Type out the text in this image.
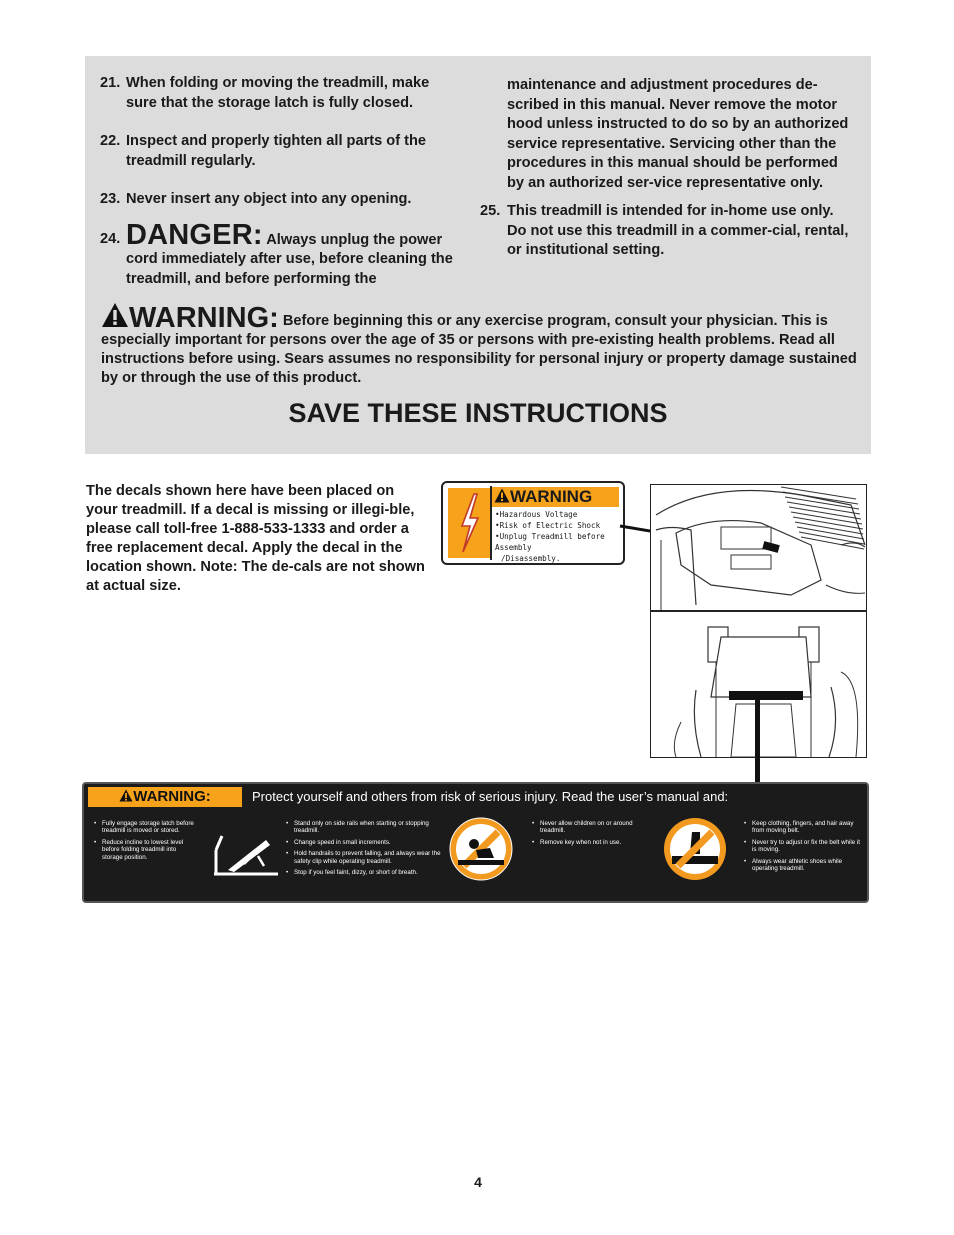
21. When folding or moving the treadmill, make sure that the storage latch is fully closed.
22. Inspect and properly tighten all parts of the treadmill regularly.
23. Never insert any object into any opening.
24. DANGER: Always unplug the power cord immediately after use, before cleaning the treadmill, and before performing the
maintenance and adjustment procedures de-scribed in this manual. Never remove the motor hood unless instructed to do so by an authorized service representative. Servicing other than the procedures in this manual should be performed by an authorized ser-vice representative only.
25. This treadmill is intended for in-home use only. Do not use this treadmill in a commer-cial, rental, or institutional setting.
WARNING: Before beginning this or any exercise program, consult your physician. This is especially important for persons over the age of 35 or persons with pre-existing health problems. Read all instructions before using. Sears assumes no responsibility for personal injury or property damage sustained by or through the use of this product.
SAVE THESE INSTRUCTIONS
The decals shown here have been placed on your treadmill. If a decal is missing or illegi-ble, please call toll-free 1-888-533-1333 and order a free replacement decal. Apply the decal in the location shown. Note: The de-cals are not shown at actual size.
WARNING
•Hazardous Voltage
•Risk of Electric Shock
•Unplug Treadmill before Assembly
/Disassembly.
WARNING:	Protect yourself and others from risk of serious injury. Read the user’s manual and:
• Fully engage storage latch before treadmill is moved or stored.
• Reduce incline to lowest level before folding treadmill into storage position.
• Stand only on side rails when starting or stopping treadmill.
• Change speed in small increments.
• Hold handrails to prevent falling, and always wear the safety clip while operating treadmill.
• Stop if you feel faint, dizzy, or short of breath.
• Never allow children on or around treadmill.
• Remove key when not in use.
• Keep clothing, fingers, and hair away from moving belt.
• Never try to adjust or fix the belt while it is moving.
• Always wear athletic shoes while operating treadmill.
4
